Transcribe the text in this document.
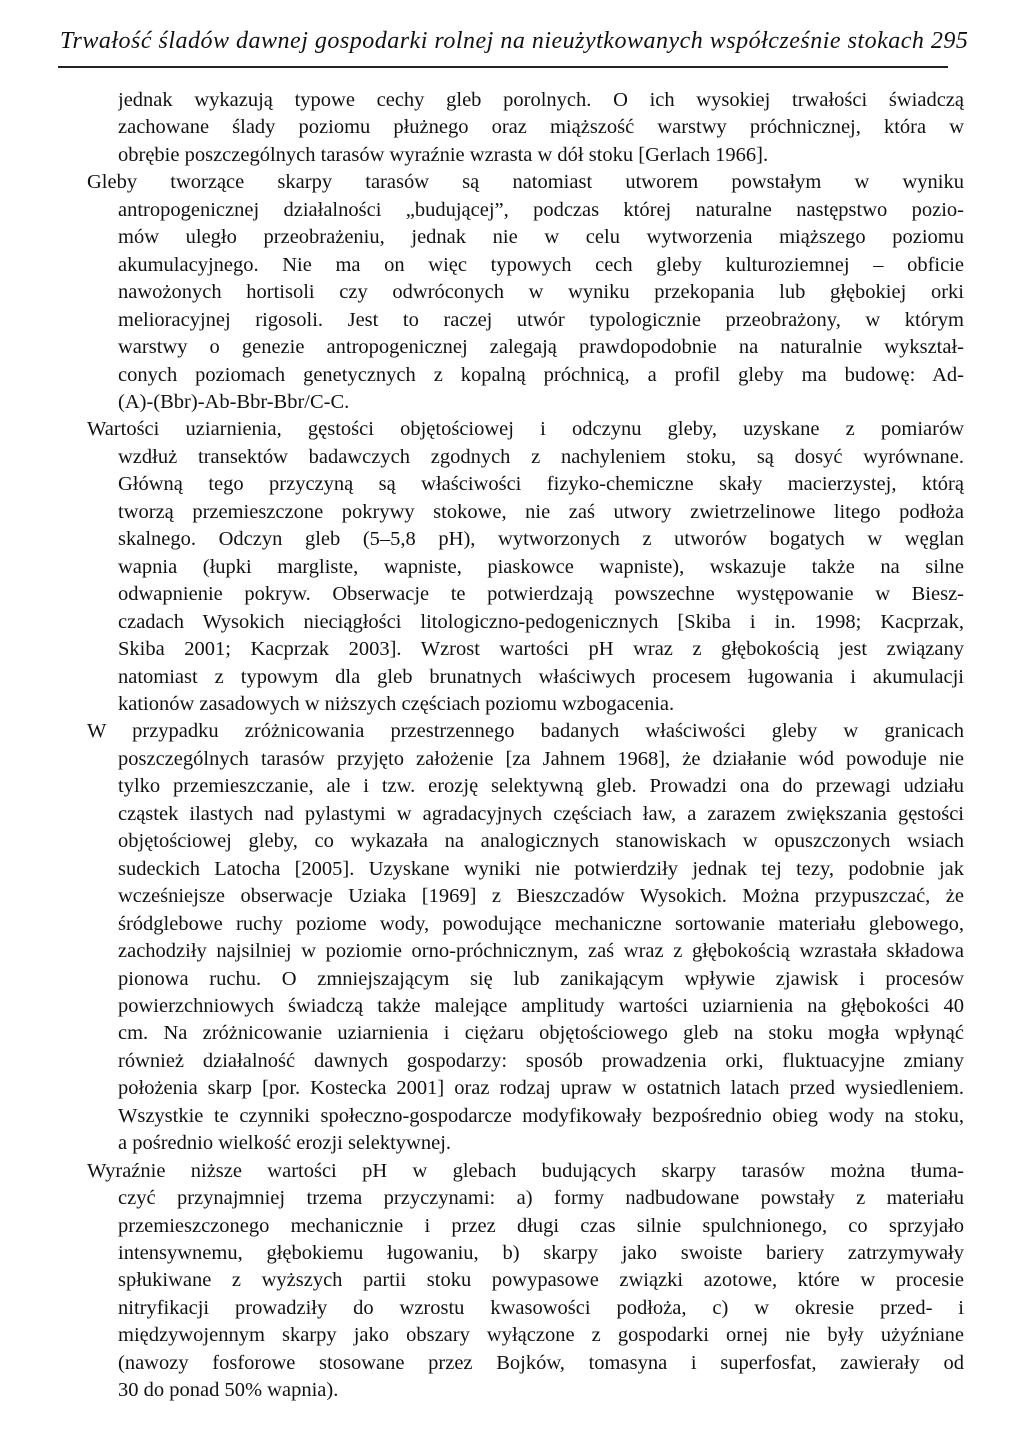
Trwałość śladów dawnej gospodarki rolnej na nieużytkowanych współcześnie stokach 295
jednak wykazują typowe cechy gleb porolnych. O ich wysokiej trwałości świadczą
zachowane ślady poziomu płużnego oraz miąższość warstwy próchnicznej, która w
obrębie poszczególnych tarasów wyraźnie wzrasta w dół stoku [Gerlach 1966].
Gleby tworzące skarpy tarasów są natomiast utworem powstałym w wyniku
antropogenicznej działalności „budującej”, podczas której naturalne następstwo pozio-
mów uległo przeobrażeniu, jednak nie w celu wytworzenia miąższego poziomu
akumulacyjnego. Nie ma on więc typowych cech gleby kulturoziemnej – obficie
nawożonych hortisoli czy odwróconych w wyniku przekopania lub głębokiej orki
melioracyjnej rigosoli. Jest to raczej utwór typologicznie przeobrażony, w którym
warstwy o genezie antropogenicznej zalegają prawdopodobnie na naturalnie wykształ-
conych poziomach genetycznych z kopalną próchnicą, a profil gleby ma budowę: Ad-
(A)-(Bbr)-Ab-Bbr-Bbr/C-C.
Wartości uziarnienia, gęstości objętościowej i odczynu gleby, uzyskane z pomiarów
wzdłuż transektów badawczych zgodnych z nachyleniem stoku, są dosyć wyrównane.
Główną tego przyczyną są właściwości fizyko-chemiczne skały macierzystej, którą
tworzą przemieszczone pokrywy stokowe, nie zaś utwory zwietrzelinowe litego podłoża
skalnego. Odczyn gleb (5–5,8 pH), wytworzonych z utworów bogatych w węglan
wapnia (łupki margliste, wapniste, piaskowce wapniste), wskazuje także na silne
odwapnienie pokryw. Obserwacje te potwierdzają powszechne występowanie w Biesz-
czadach Wysokich nieciągłości litologiczno-pedogenicznych [Skiba i in. 1998; Kacprzak,
Skiba 2001; Kacprzak 2003]. Wzrost wartości pH wraz z głębokością jest związany
natomiast z typowym dla gleb brunatnych właściwych procesem ługowania i akumulacji
kationów zasadowych w niższych częściach poziomu wzbogacenia.
W przypadku zróżnicowania przestrzennego badanych właściwości gleby w granicach
poszczególnych tarasów przyjęto założenie [za Jahnem 1968], że działanie wód powoduje nie
tylko przemieszczanie, ale i tzw. erozję selektywną gleb. Prowadzi ona do przewagi udziału
cząstek ilastych nad pylastymi w agradacyjnych częściach ław, a zarazem zwiększania gęstości
objętościowej gleby, co wykazała na analogicznych stanowiskach w opuszczonych wsiach
sudeckich Latocha [2005]. Uzyskane wyniki nie potwierdziły jednak tej tezy, podobnie jak
wcześniejsze obserwacje Uziaka [1969] z Bieszczadów Wysokich. Można przypuszczać, że
śródglebowe ruchy poziome wody, powodujące mechaniczne sortowanie materiału glebowego,
zachodziły najsilniej w poziomie orno-próchnicznym, zaś wraz z głębokością wzrastała składowa
pionowa ruchu. O zmniejszającym się lub zanikającym wpływie zjawisk i procesów
powierzchniowych świadczą także malejące amplitudy wartości uziarnienia na głębokości 40
cm. Na zróżnicowanie uziarnienia i ciężaru objętościowego gleb na stoku mogła wpłynąć
również działalność dawnych gospodarzy: sposób prowadzenia orki, fluktuacyjne zmiany
położenia skarp [por. Kostecka 2001] oraz rodzaj upraw w ostatnich latach przed wysiedleniem.
Wszystkie te czynniki społeczno-gospodarcze modyfikowały bezpośrednio obieg wody na stoku,
a pośrednio wielkość erozji selektywnej.
Wyraźnie niższe wartości pH w glebach budujących skarpy tarasów można tłuma-
czyć przynajmniej trzema przyczynami: a) formy nadbudowane powstały z materiału
przemieszczonego mechanicznie i przez długi czas silnie spulchnionego, co sprzyjało
intensywnemu, głębokiemu ługowaniu, b) skarpy jako swoiste bariery zatrzymywały
spłukiwane z wyższych partii stoku powypasowe związki azotowe, które w procesie
nitryfikacji prowadziły do wzrostu kwasowości podłoża, c) w okresie przed- i
międzywojennym skarpy jako obszary wyłączone z gospodarki ornej nie były użyźniane
(nawozy fosforowe stosowane przez Bojków, tomasyna i superfosfat, zawierały od
30 do ponad 50% wapnia).
